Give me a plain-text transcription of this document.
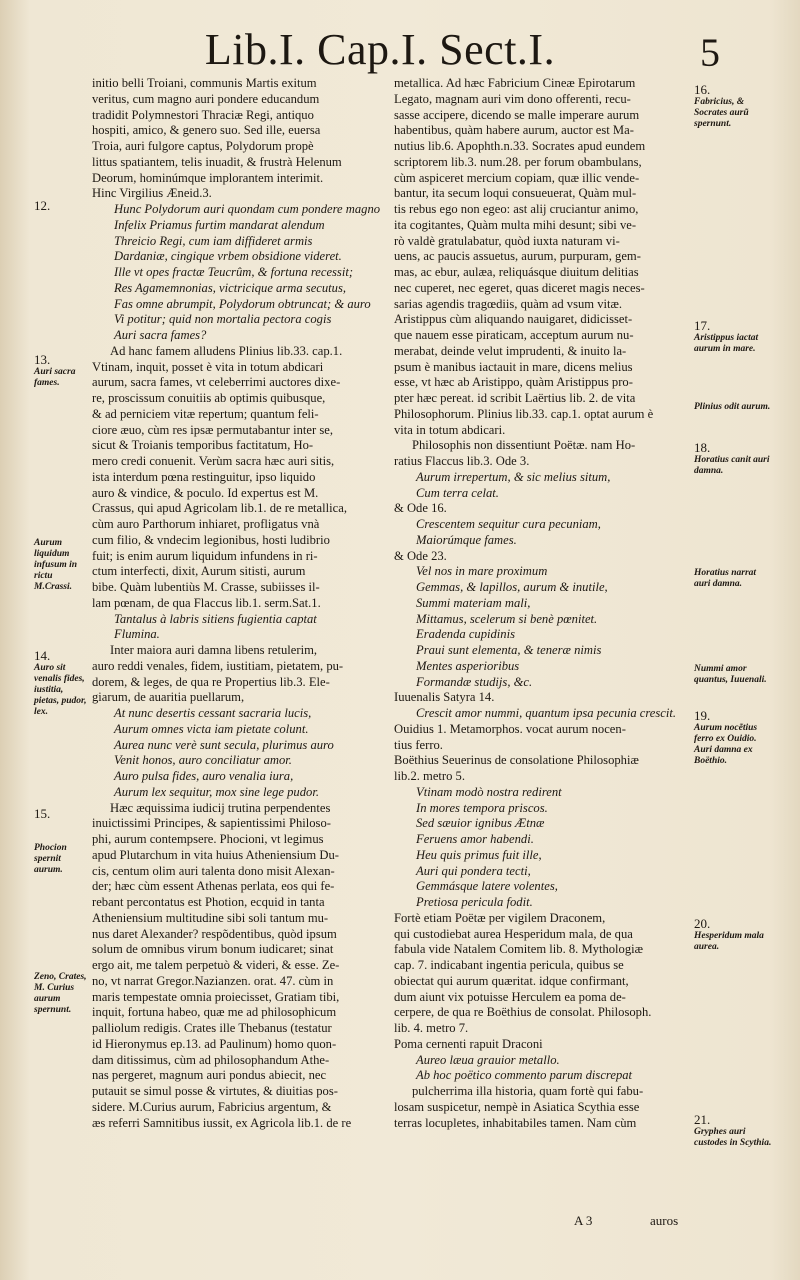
Lib.I. Cap.I. Sect.I.	5
initio belli Troiani, communis Martis exitum
veritus, cum magno auri pondere educandum
tradidit Polymnestori Thraciæ Regi, antiquo
hospiti, amico, & genero suo. Sed ille, euersa
Troia, auri fulgore captus, Polydorum propè
littus spatiantem, telis inuadit, & frustrà Helenum
Deorum, hominúmque implorantem interimit.
Hinc Virgilius Æneid.3.
Hunc Polydorum auri quondam cum pondere magno
Infelix Priamus furtim mandarat alendum
Threicio Regi, cum iam diffideret armis
Dardaniæ, cingique vrbem obsidione videret.
Ille vt opes fractæ Teucrûm, & fortuna recessit;
Res Agamemnonias, victricique arma secutus,
Fas omne abrumpit, Polydorum obtruncat; & auro
Vi potitur; quid non mortalia pectora cogis
Auri sacra fames?
Ad hanc famem alludens Plinius lib.33. cap.1.
Vtinam, inquit, posset è vita in totum abdicari
aurum, sacra fames, vt celeberrimi auctores dixe-
re, proscissum conuitiis ab optimis quibusque,
& ad perniciem vitæ repertum; quantum feli-
ciore æuo, cùm res ipsæ permutabantur inter se,
sicut & Troianis temporibus factitatum, Ho-
mero credi conuenit. Verùm sacra hæc auri sitis,
ista interdum pœna restinguitur, ipso liquido
auro & vindice, & poculo. Id expertus est M.
Crassus, qui apud Agricolam lib.1. de re metallica,
cùm auro Parthorum inhiaret, profligatus vnà
cum filio, & vndecim legionibus, hosti ludibrio
fuit; is enim aurum liquidum infundens in ri-
ctum interfecti, dixit, Aurum sitisti, aurum
bibe. Quàm lubentiùs M. Crasse, subiisses il-
lam pœnam, de qua Flaccus lib.1. serm.Sat.1.
Tantalus à labris sitiens fugientia captat
Flumina.
Inter maiora auri damna libens retulerim,
auro reddi venales, fidem, iustitiam, pietatem, pu-
dorem, & leges, de qua re Propertius lib.3. Ele-
giarum, de auaritia puellarum,
At nunc desertis cessant sacraria lucis,
Aurum omnes victa iam pietate colunt.
Aurea nunc verè sunt secula, plurimus auro
Venit honos, auro conciliatur amor.
Auro pulsa fides, auro venalia iura,
Aurum lex sequitur, mox sine lege pudor.
Hæc æquissima iudicij trutina perpendentes
inuictissimi Principes, & sapientissimi Philoso-
phi, aurum contempsere. Phocioni, vt legimus
apud Plutarchum in vita huius Atheniensium Du-
cis, centum olim auri talenta dono misit Alexan-
der; hæc cùm essent Athenas perlata, eos qui fe-
rebant percontatus est Photion, ecquid in tanta
Atheniensium multitudine sibi soli tantum mu-
nus daret Alexander? respõdentibus, quòd ipsum
solum de omnibus virum bonum iudicaret; sinat
ergo ait, me talem perpetuò & videri, & esse. Ze-
no, vt narrat Gregor.Nazianzen. orat. 47. cùm in
maris tempestate omnia proiecisset, Gratiam tibi,
inquit, fortuna habeo, quæ me ad philosophicum
palliolum redigis. Crates ille Thebanus (testatur
id Hieronymus ep.13. ad Paulinum) homo quon-
dam ditissimus, cùm ad philosophandum Athe-
nas pergeret, magnum auri pondus abiecit, nec
putauit se simul posse & virtutes, & diuitias pos-
sidere. M.Curius aurum, Fabricius argentum, &
æs referri Samnitibus iussit, ex Agricola lib.1. de re
metallica. Ad hæc Fabricium Cineæ Epirotarum
Legato, magnam auri vim dono offerenti, recu-
sasse accipere, dicendo se malle imperare aurum
habentibus, quàm habere aurum, auctor est Ma-
nutius lib.6. Apophth.n.33. Socrates apud eundem
scriptorem lib.3. num.28. per forum obambulans,
cùm aspiceret mercium copiam, quæ illic vende-
bantur, ita secum loqui consueuerat, Quàm mul-
tis rebus ego non egeo: ast alij cruciantur animo,
ita cogitantes, Quàm multa mihi desunt; sibi ve-
rò valdè gratulabatur, quòd iuxta naturam vi-
uens, ac paucis assuetus, aurum, purpuram, gem-
mas, ac ebur, aulæa, reliquásque diuitum delitias
nec cuperet, nec egeret, quas diceret magis neces-
sarias agendis tragœdiis, quàm ad vsum vitæ.
Aristippus cùm aliquando nauigaret, didicisset-
que nauem esse piraticam, acceptum aurum nu-
merabat, deinde velut imprudenti, & inuito la-
psum è manibus iactauit in mare, dicens melius
esse, vt hæc ab Aristippo, quàm Aristippus pro-
pter hæc pereat. id scribit Laërtius lib. 2. de vita
Philosophorum. Plinius lib.33. cap.1. optat aurum è
vita in totum abdicari.
Philosophis non dissentiunt Poëtæ. nam Ho-
ratius Flaccus lib.3. Ode 3.
Aurum irrepertum, & sic melius situm,
Cum terra celat.
& Ode 16.
Crescentem sequitur cura pecuniam,
Maiorúmque fames.
& Ode 23.
Vel nos in mare proximum
Gemmas, & lapillos, aurum & inutile,
Summi materiam mali,
Mittamus, scelerum si benè pœnitet.
Eradenda cupidinis
Praui sunt elementa, & teneræ nimis
Mentes asperioribus
Formandæ studijs, &c.
Iuuenalis Satyra 14.
Crescit amor nummi, quantum ipsa pecunia crescit.
Ouidius 1. Metamorphos. vocat aurum nocen-
tius ferro.
Boëthius Seuerinus de consolatione Philosophiæ
lib.2. metro 5.
Vtinam modò nostra redirent
In mores tempora priscos.
Sed sæuior ignibus Ætnæ
Feruens amor habendi.
Heu quis primus fuit ille,
Auri qui pondera tecti,
Gemmásque latere volentes,
Pretiosa pericula fodit.
Fortè etiam Poëtæ per vigilem Draconem,
qui custodiebat aurea Hesperidum mala, de qua
fabula vide Natalem Comitem lib. 8. Mythologiæ
cap. 7. indicabant ingentia pericula, quibus se
obiectat qui aurum quæritat. idque confirmant,
dum aiunt vix potuisse Herculem ea poma de-
cerpere, de qua re Boëthius de consolat. Philosoph.
lib. 4. metro 7.
Poma cernenti rapuit Draconi
Aureo læua grauior metallo.
Ab hoc poëtico commento parum discrepat
pulcherrima illa historia, quam fortè qui fabu-
losam suspicetur, nempè in Asiatica Scythia esse
terras locupletes, inhabitabiles tamen. Nam cùm
12.
13.
Auri sacra fames.
Aurum liquidum infusum in rictu M.Crassi.
14.
Auro sit venalis fides, iustitia, pietas, pudor, lex.
15.
Phocion spernit aurum.
Zeno, Crates, M. Curius aurum spernunt.
16.
Fabricius, & Socrates aurũ spernunt.
17.
Aristippus iactat aurum in mare.
Plinius odit aurum.
18.
Horatius canit auri damna.
Horatius narrat auri damna.
Nummi amor quantus, Iuuenali.
19.
Aurum nocẽtius ferro ex Ouidio. Auri damna ex Boëthio.
20.
Hesperidum mala aurea.
21.
Gryphes auri custodes in Scythia.
A 3	auros
